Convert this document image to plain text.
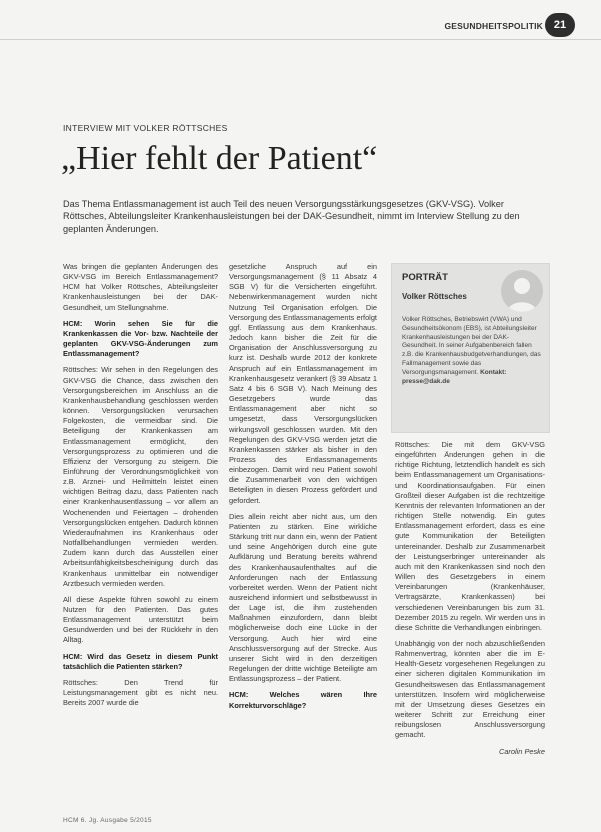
GESUNDHEITSPOLITIK 21
INTERVIEW MIT VOLKER RÖTTSCHES
„Hier fehlt der Patient“
Das Thema Entlassmanagement ist auch Teil des neuen Versorgungsstärkungsgesetzes (GKV-VSG). Volker Röttsches, Abteilungsleiter Krankenhausleistungen bei der DAK-Gesundheit, nimmt im Interview Stellung zu den geplanten Änderungen.

Was bringen die geplanten Änderungen des GKV-VSG im Bereich Entlassmanagement? HCM hat Volker Röttsches, Abteilungsleiter Krankenhausleistungen bei der DAK-Gesundheit, um Stellungnahme.

HCM: Worin sehen Sie für die Krankenkassen die Vor- bzw. Nachteile der geplanten GKV-VSG-Änderungen zum Entlassmanagement?

Röttsches: Wir sehen in den Regelungen des GKV-VSG die Chance, dass zwischen den Versorgungsbereichen im Anschluss an die Krankenhausbehandlung geschlossen werden können. Versorgungslücken verursachen Folgekosten, die vermeidbar sind. Die Beteiligung der Krankenkassen am Entlassmanagement ermöglicht, den Versorgungsprozess zu optimieren und die Effizienz der Versorgung zu steigern. Die Einführung der Verordnungsmöglichkeit von z.B. Arznei- und Heilmitteln leistet einen wichtigen Beitrag dazu, dass Patienten nach einer Krankenhausentlassung – vor allem an Wochenenden und Feiertagen – drohenden Versorgungslücken entgehen. Dadurch können Wiederaufnahmen ins Krankenhaus oder Notfallbehandlungen vermieden werden. Zudem kann durch das Ausstellen einer Arbeitsunfähigkeitsbescheinigung durch das Krankenhaus unmittelbar ein notwendiger Arztbesuch vermieden werden.

All diese Aspekte führen sowohl zu einem Nutzen für den Patienten. Das gutes Entlassmanagement unterstützt beim Gesundwerden und bei der Rückkehr in den Alltag.

HCM: Wird das Gesetz in diesem Punkt tatsächlich die Patienten stärken?

Röttsches: Den Trend für Leistungsmanagement gibt es nicht neu. Bereits 2007 wurde die

gesetzliche Anspruch auf ein Versorgungsmanagement (§ 11 Absatz 4 SGB V) für die Versicherten eingeführt. Nebenwirkenmanagement wurden nicht Nutzung Teil Organisation erfolgen. Die Versorgung des Entlassmanagements erfolgt ggf. Entlassung aus dem Krankenhaus. Jedoch kann bisher die Zeit für die Organisation der Anschlussversorgung zu kurz ist. Deshalb wurde 2012 der konkrete Anspruch auf ein Entlassmanagement im Krankenhausgesetz verankert (§ 39 Absatz 1 Satz 4 bis 6 SGB V). Nach Meinung des Gesetzgebers wurde das Entlassmanagement aber nicht so umgesetzt, dass Versorgungslücken wirkungsvoll geschlossen wurden. Mit den Regelungen des GKV-VSG werden jetzt die Krankenkassen stärker als bisher in den Prozess des Entlassmanagements einbezogen. Damit wird neu Patient sowohl die Zusammenarbeit von den wichtigen Beteiligten in diesen Prozess gefördert und gefordert.

Dies allein reicht aber nicht aus, um den Patienten zu stärken. Eine wirkliche Stärkung tritt nur dann ein, wenn der Patient und seine Angehörigen durch eine gute Aufklärung und Beratung bereits während des Krankenhausaufenthaltes auf die Anforderungen nach der Entlassung vorbereitet werden. Wenn der Patient nicht ausreichend informiert und selbstbewusst in der Lage ist, die ihm zustehenden Maßnahmen einzufordern, dann bleibt möglicherweise doch eine Lücke in der Versorgung. Auch hier wird eine Anschlussversorgung auf der Strecke. Aus unserer Sicht wird in den derzeitigen Regelungen der dritte wichtige Beteiligte am Entlassungsprozess – der Patient.

HCM: Welches wären Ihre Korrekturvorschläge?

PORTRÄT
Volker Röttsches
Volker Röttsches, Betriebswirt (VWA) und Gesundheitsökonom (EBS), ist Abteilungsleiter Krankenhausleistungen bei der DAK-Gesundheit. In seiner Aufgabenbereich fallen z.B. die Krankenhausbudgetverhandlungen, das Fallmanagement sowie das Versorgungsmanagement. Kontakt: presse@dak.de

Röttsches: Die mit dem GKV-VSG eingeführten Änderungen gehen in die richtige Richtung, letztendlich handelt es sich beim Entlassmanagement um Organisations- und Koordinationsaufgaben. Für einen Großteil dieser Aufgaben ist die rechtzeitige Kenntnis der relevanten Informationen an der richtigen Stelle notwendig. Ein gutes Entlassmanagement erfordert, dass es eine gute Kommunikation der Beteiligten untereinander. Deshalb zur Zusammenarbeit der Leistungserbringer untereinander als auch mit den Krankenkassen sind noch den Willen des Gesetzgebers in einem Vereinbarungen (Krankenhäuser, Vertragsärzte, Krankenkassen) bei verschiedenen Vereinbarungen bis zum 31. Dezember 2015 zu regeln. Wir werden uns in diese Schritte die Verhandlungen einbringen.

Unabhängig von der noch abzuschließenden Rahmenvertrag, könnten aber die im E-Health-Gesetz vorgesehenen Regelungen zu einer sicheren digitalen Kommunikation im Gesundheitswesen das Entlassmanagement unterstützen. Insofern wird möglicherweise mit der Umsetzung dieses Gesetzes ein weiterer Schritt zur Erreichung einer reibungslosen Anschlussversorgung gemacht.

Carolin Peske
HCM 6. Jg. Ausgabe 5/2015
